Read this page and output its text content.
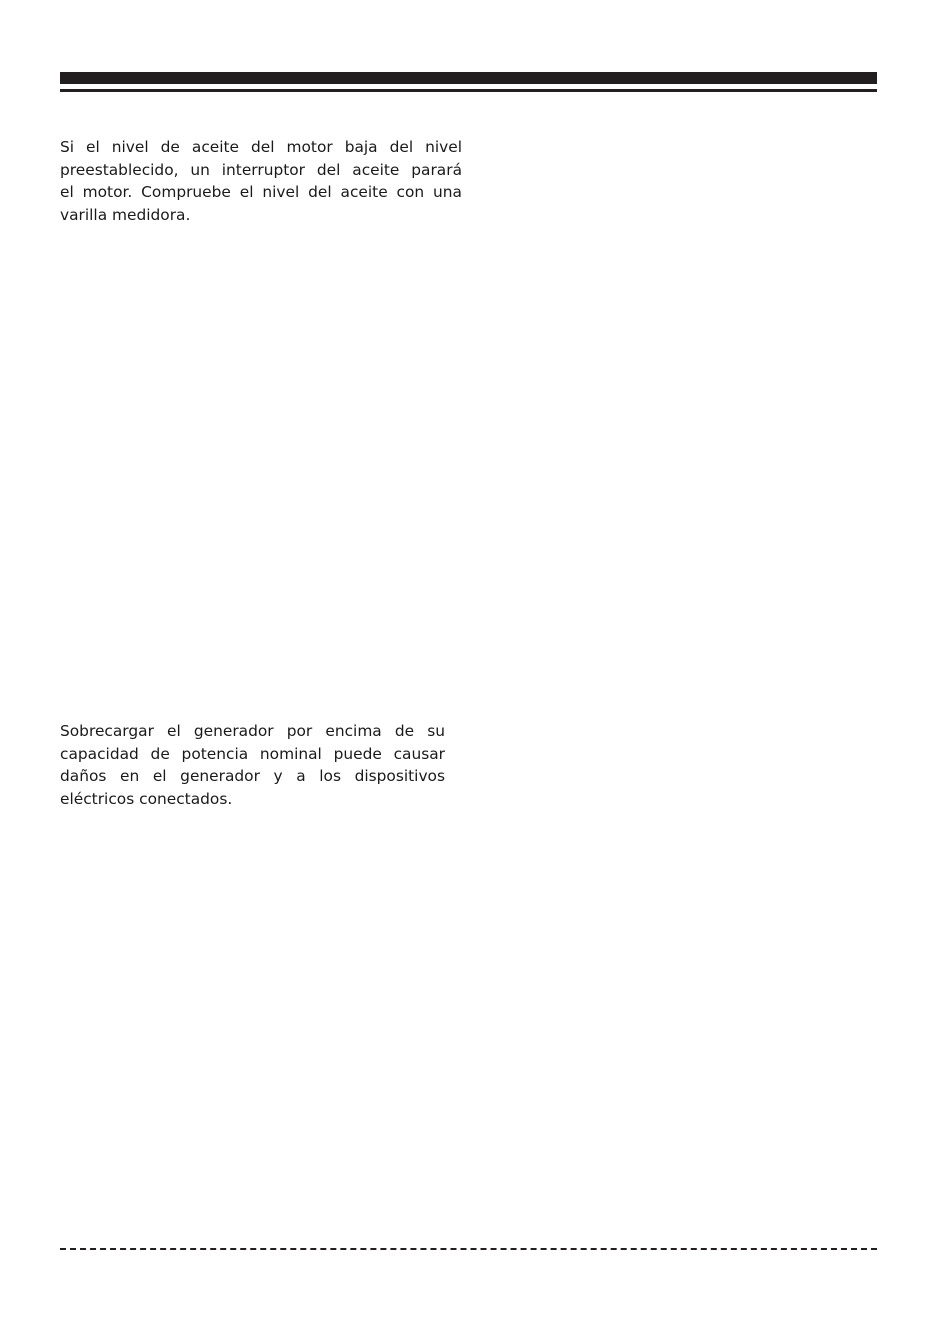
Si el nivel de aceite del motor baja del nivel
preestablecido, un interruptor del aceite parará
el motor. Compruebe el nivel del aceite con una
varilla medidora.

Sobrecargar el generador por encima de su
capacidad de potencia nominal puede causar
daños en el generador y a los dispositivos
eléctricos conectados.
